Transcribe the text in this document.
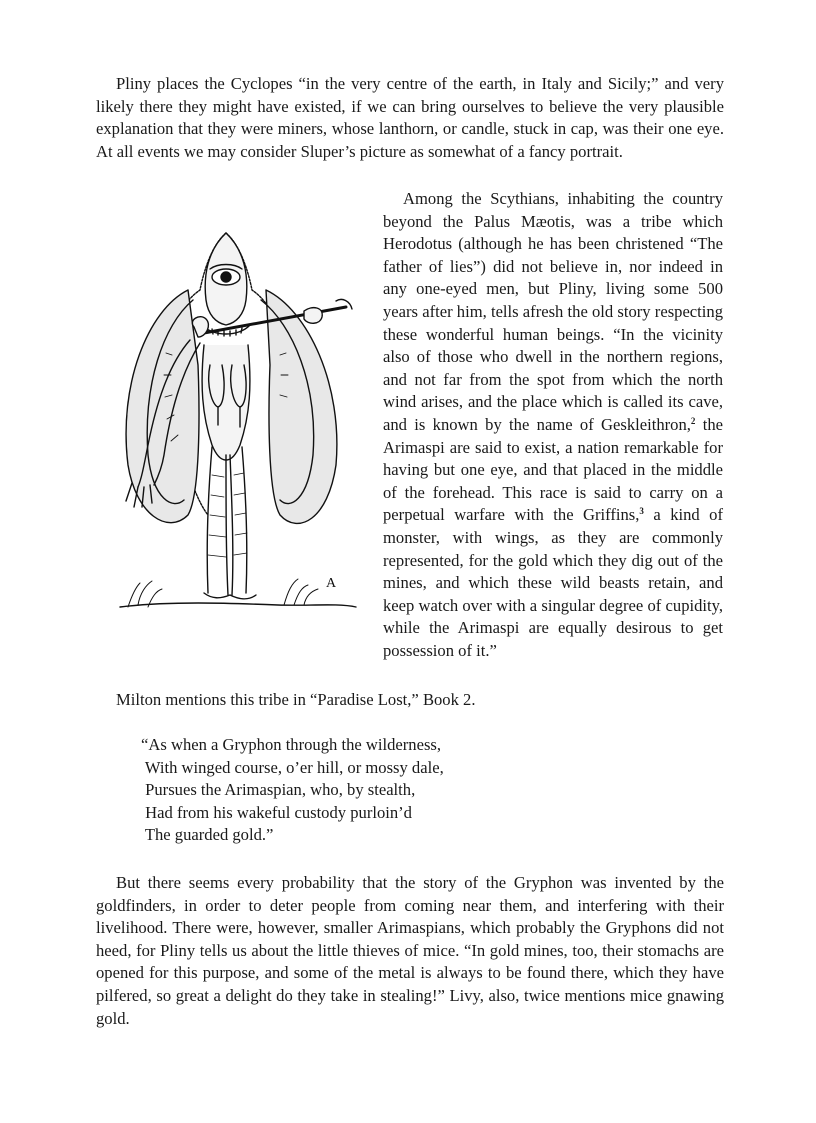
Pliny places the Cyclopes “in the very centre of the earth, in Italy and Sicily;” and very likely there they might have existed, if we can bring ourselves to believe the very plausible explanation that they were miners, whose lanthorn, or candle, stuck in cap, was their one eye. At all events we may consider Sluper’s picture as somewhat of a fancy portrait.

A

Among the Scythians, inhabiting the country beyond the Palus Mæotis, was a tribe which Herodotus (although he has been christened “The father of lies”) did not believe in, nor indeed in any one-eyed men, but Pliny, living some 500 years after him, tells afresh the old story respecting these wonderful human beings. “In the vicinity also of those who dwell in the northern regions, and not far from the spot from which the north wind arises, and the place which is called its cave, and is known by the name of Geskleithron,$^2$ the Arimaspi are said to exist, a nation remarkable for having but one eye, and that placed in the middle of the forehead. This race is said to carry on a perpetual warfare with the Griffins,$^3$ a kind of monster, with wings, as they are commonly represented, for the gold which they dig out of the mines, and which these wild beasts retain, and keep watch over with a singular degree of cupidity, while the Arimaspi are equally desirous to get possession of it.”

Milton mentions this tribe in “Paradise Lost,” Book 2.

“As when a Gryphon through the wilderness,
With winged course, o’er hill, or mossy dale,
Pursues the Arimaspian, who, by stealth,
Had from his wakeful custody purloin’d
The guarded gold.”

But there seems every probability that the story of the Gryphon was invented by the goldfinders, in order to deter people from coming near them, and interfering with their livelihood. There were, however, smaller Arimaspians, which probably the Gryphons did not heed, for Pliny tells us about the little thieves of mice. “In gold mines, too, their stomachs are opened for this purpose, and some of the metal is always to be found there, which they have pilfered, so great a delight do they take in stealing!” Livy, also, twice mentions mice gnawing gold.
